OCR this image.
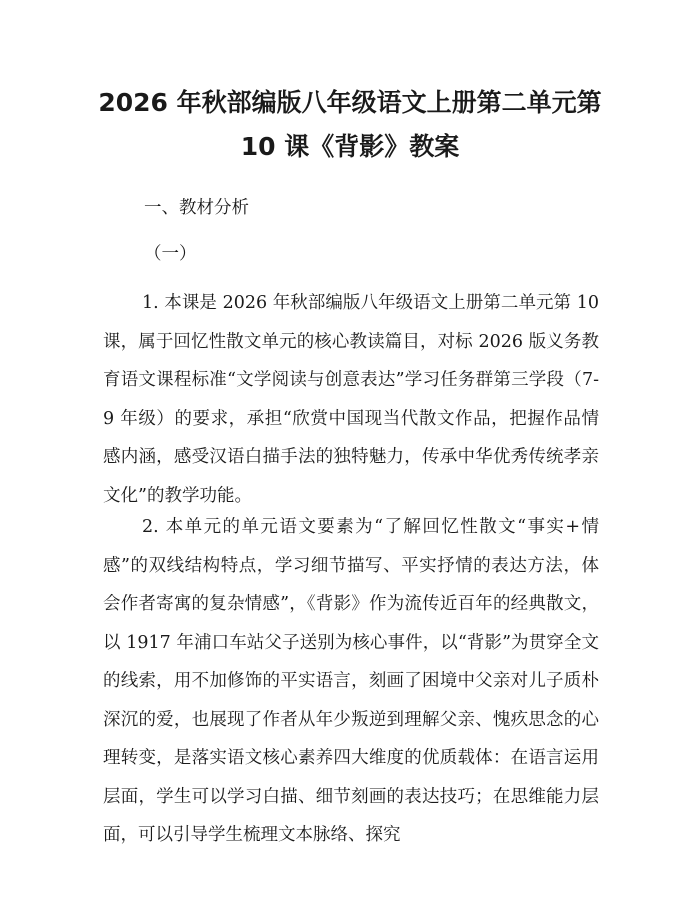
2026 年秋部编版八年级语文上册第二单元第
10 课《背影》教案

一、教材分析

（一）

1. 本课是 2026 年秋部编版八年级语文上册第二单元第 10 课，属于回忆性散文单元的核心教读篇目，对标 2026 版义务教育语文课程标准“文学阅读与创意表达”学习任务群第三学段（7-9 年级）的要求，承担“欣赏中国现当代散文作品，把握作品情感内涵，感受汉语白描手法的独特魅力，传承中华优秀传统孝亲文化”的教学功能。

2. 本单元的单元语文要素为“了解回忆性散文“事实+情感”的双线结构特点，学习细节描写、平实抒情的表达方法，体会作者寄寓的复杂情感”，《背影》作为流传近百年的经典散文，以 1917 年浦口车站父子送别为核心事件，以“背影”为贯穿全文的线索，用不加修饰的平实语言，刻画了困境中父亲对儿子质朴深沉的爱，也展现了作者从年少叛逆到理解父亲、愧疚思念的心理转变，是落实语文核心素养四大维度的优质载体：在语言运用层面，学生可以学习白描、细节刻画的表达技巧；在思维能力层面，可以引导学生梳理文本脉络、探究
